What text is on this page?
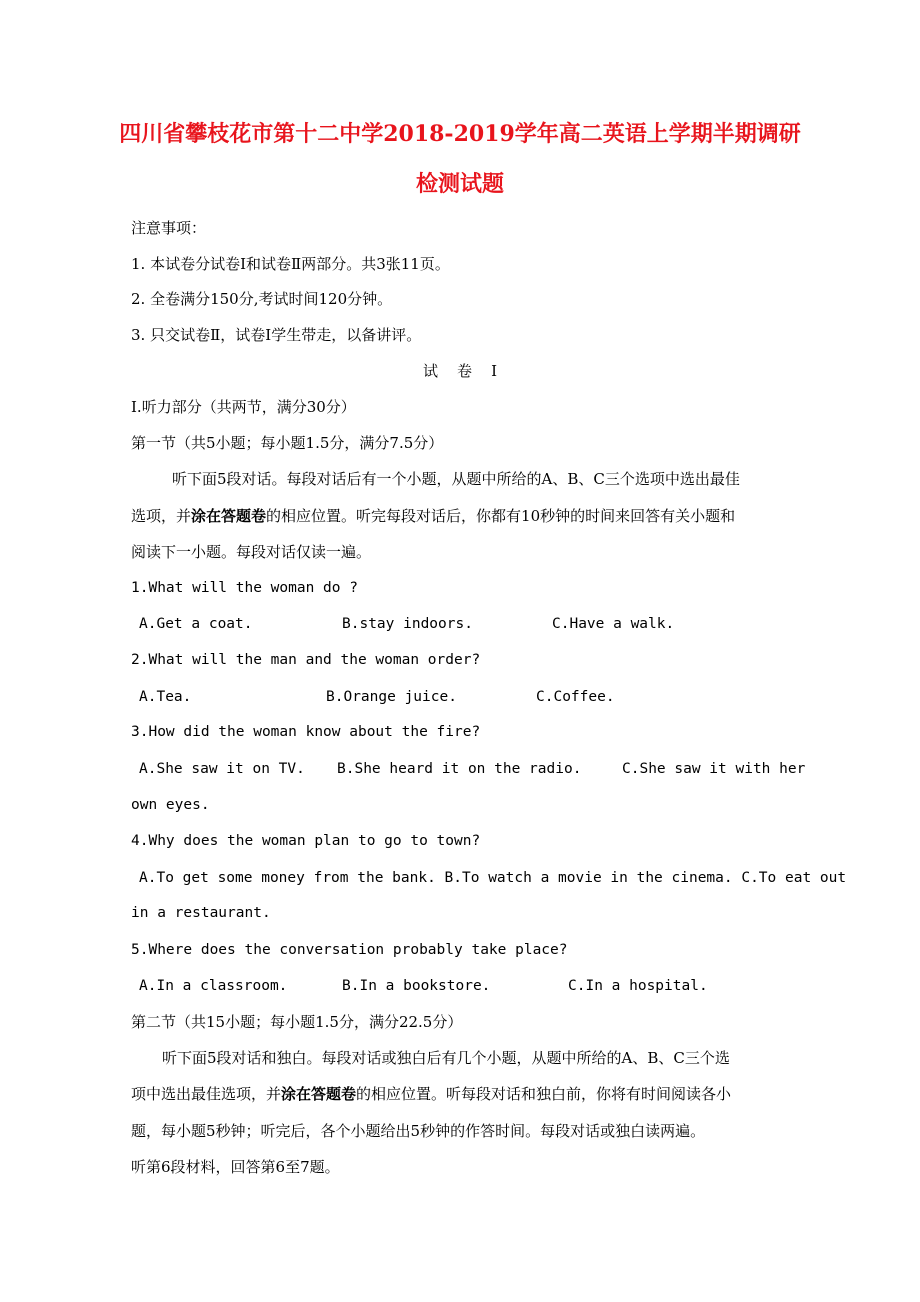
四川省攀枝花市第十二中学2018-2019学年高二英语上学期半期调研
检测试题
注意事项：
1. 本试卷分试卷Ⅰ和试卷Ⅱ两部分。共3张11页。
2. 全卷满分150分,考试时间120分钟。
3. 只交试卷Ⅱ，试卷Ⅰ学生带走，以备讲评。
试    卷    Ⅰ
Ⅰ.听力部分（共两节，满分30分）
第一节（共5小题；每小题1.5分，满分7.5分）
听下面5段对话。每段对话后有一个小题，从题中所给的A、B、C三个选项中选出最佳
选项，并涂在答题卷的相应位置。听完每段对话后，你都有10秒钟的时间来回答有关小题和
阅读下一小题。每段对话仅读一遍。
1.What will the woman do ?
A.Get a coat.	B.stay indoors.	C.Have a walk.
2.What will the man and the woman order?
A.Tea.	B.Orange juice.	C.Coffee.
3.How did the woman know about the fire?
A.She saw it on TV. B.She heard it on the radio.	C.She saw it with her
own eyes.
4.Why does the woman plan to go to town?
A.To get some money from the bank. B.To watch a movie in the cinema. C.To eat out
in a restaurant.
5.Where does the conversation probably take place?
A.In a classroom.	B.In a bookstore.	C.In a hospital.
第二节（共15小题；每小题1.5分，满分22.5分）
听下面5段对话和独白。每段对话或独白后有几个小题，从题中所给的A、B、C三个选
项中选出最佳选项，并涂在答题卷的相应位置。听每段对话和独白前，你将有时间阅读各小
题，每小题5秒钟；听完后，各个小题给出5秒钟的作答时间。每段对话或独白读两遍。
听第6段材料，回答第6至7题。
